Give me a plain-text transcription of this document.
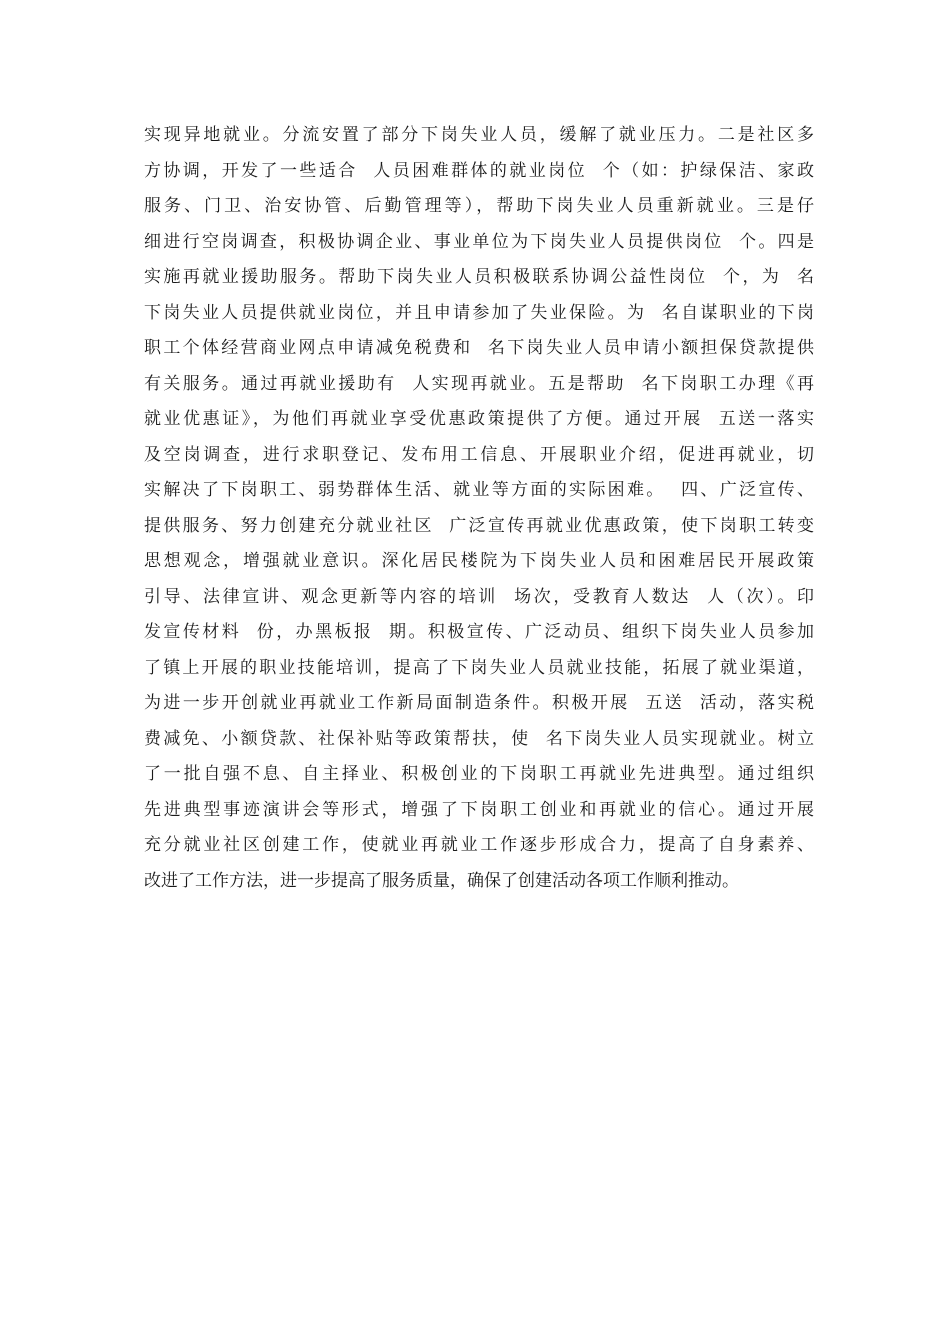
实现异地就业。分流安置了部分下岗失业人员，缓解了就业压力。二是社区多
方协调，开发了一些适合  人员困难群体的就业岗位  个（如：护绿保洁、家政
服务、门卫、治安协管、后勤管理等），帮助下岗失业人员重新就业。三是仔
细进行空岗调查，积极协调企业、事业单位为下岗失业人员提供岗位  个。四是
实施再就业援助服务。帮助下岗失业人员积极联系协调公益性岗位  个，为  名
下岗失业人员提供就业岗位，并且申请参加了失业保险。为  名自谋职业的下岗
职工个体经营商业网点申请减免税费和  名下岗失业人员申请小额担保贷款提供
有关服务。通过再就业援助有  人实现再就业。五是帮助  名下岗职工办理《再
就业优惠证》，为他们再就业享受优惠政策提供了方便。通过开展  五送一落实
及空岗调查，进行求职登记、发布用工信息、开展职业介绍，促进再就业，切
实解决了下岗职工、弱势群体生活、就业等方面的实际困难。  四、广泛宣传、
提供服务、努力创建充分就业社区  广泛宣传再就业优惠政策，使下岗职工转变
思想观念，增强就业意识。深化居民楼院为下岗失业人员和困难居民开展政策
引导、法律宣讲、观念更新等内容的培训  场次，受教育人数达  人（次）。印
发宣传材料  份，办黑板报  期。积极宣传、广泛动员、组织下岗失业人员参加
了镇上开展的职业技能培训，提高了下岗失业人员就业技能，拓展了就业渠道，
为进一步开创就业再就业工作新局面制造条件。积极开展  五送  活动，落实税
费减免、小额贷款、社保补贴等政策帮扶，使  名下岗失业人员实现就业。树立
了一批自强不息、自主择业、积极创业的下岗职工再就业先进典型。通过组织
先进典型事迹演讲会等形式，增强了下岗职工创业和再就业的信心。通过开展
充分就业社区创建工作，使就业再就业工作逐步形成合力，提高了自身素养、
改进了工作方法，进一步提高了服务质量，确保了创建活动各项工作顺利推动。
